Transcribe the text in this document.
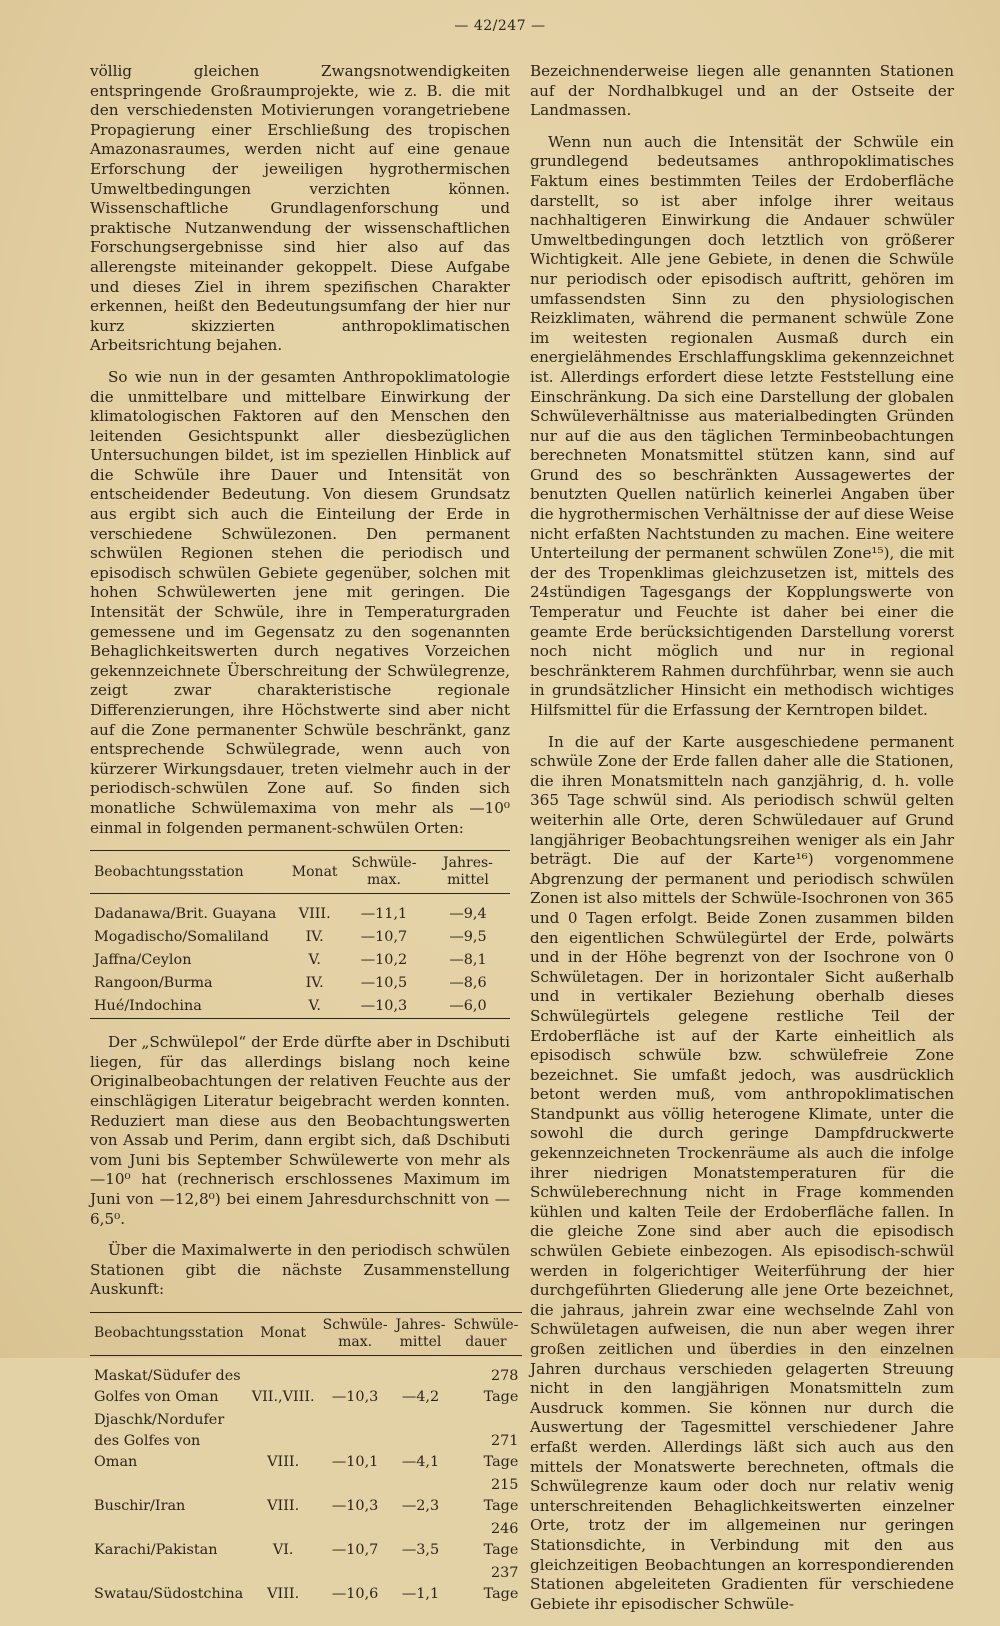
— 42/247 —

völlig gleichen Zwangsnotwendigkeiten entspringende Großraumprojekte, wie z. B. die mit den verschiedensten Motivierungen vorangetriebene Propagierung einer Erschließung des tropischen Amazonasraumes, werden nicht auf eine genaue Erforschung der jeweiligen hygrothermischen Umweltbedingungen verzichten können. Wissenschaftliche Grundlagenforschung und praktische Nutzanwendung der wissenschaftlichen Forschungsergebnisse sind hier also auf das allerengste miteinander gekoppelt. Diese Aufgabe und dieses Ziel in ihrem spezifischen Charakter erkennen, heißt den Bedeutungsumfang der hier nur kurz skizzierten anthropoklimatischen Arbeitsrichtung bejahen.

So wie nun in der gesamten Anthropoklimatologie die unmittelbare und mittelbare Einwirkung der klimatologischen Faktoren auf den Menschen den leitenden Gesichtspunkt aller diesbezüglichen Untersuchungen bildet, ist im speziellen Hinblick auf die Schwüle ihre Dauer und Intensität von entscheidender Bedeutung. Von diesem Grundsatz aus ergibt sich auch die Einteilung der Erde in verschiedene Schwülezonen. Den permanent schwülen Regionen stehen die periodisch und episodisch schwülen Gebiete gegenüber, solchen mit hohen Schwülewerten jene mit geringen. Die Intensität der Schwüle, ihre in Temperaturgraden gemessene und im Gegensatz zu den sogenannten Behaglichkeitswerten durch negatives Vorzeichen gekennzeichnete Überschreitung der Schwülegrenze, zeigt zwar charakteristische regionale Differenzierungen, ihre Höchstwerte sind aber nicht auf die Zone permanenter Schwüle beschränkt, ganz entsprechende Schwülegrade, wenn auch von kürzerer Wirkungsdauer, treten vielmehr auch in der periodisch-schwülen Zone auf. So finden sich monatliche Schwülemaxima von mehr als —10⁰ einmal in folgenden permanent-schwülen Orten:

Beobachtungsstation	Monat	Schwüle-max.	Jahres-mittel
Dadanawa/Brit. Guayana	VIII.	—11,1	—9,4
Mogadischo/Somaliland	IV.	—10,7	—9,5
Jaffna/Ceylon	V.	—10,2	—8,1
Rangoon/Burma	IV.	—10,5	—8,6
Hué/Indochina	V.	—10,3	—6,0

Der „Schwülepol“ der Erde dürfte aber in Dschibuti liegen, für das allerdings bislang noch keine Originalbeobachtungen der relativen Feuchte aus der einschlägigen Literatur beigebracht werden konnten. Reduziert man diese aus den Beobachtungswerten von Assab und Perim, dann ergibt sich, daß Dschibuti vom Juni bis September Schwülewerte von mehr als —10⁰ hat (rechnerisch erschlossenes Maximum im Juni von —12,8⁰) bei einem Jahresdurchschnitt von —6,5⁰.

Über die Maximalwerte in den periodisch schwülen Stationen gibt die nächste Zusammenstellung Auskunft:

Beobachtungsstation	Monat	Schwüle-max.	Jahres-mittel	Schwüle-dauer
Maskat/Südufer des Golfes von Oman	VII.,VIII.	—10,3	—4,2	278 Tage
Djaschk/Nordufer des Golfes von Oman	VIII.	—10,1	—4,1	271 Tage
Buschir/Iran	VIII.	—10,3	—2,3	215 Tage
Karachi/Pakistan	VI.	—10,7	—3,5	246 Tage
Swatau/Südostchina	VIII.	—10,6	—1,1	237 Tage

Bezeichnenderweise liegen alle genannten Stationen auf der Nordhalbkugel und an der Ostseite der Landmassen.

Wenn nun auch die Intensität der Schwüle ein grundlegend bedeutsames anthropoklimatisches Faktum eines bestimmten Teiles der Erdoberfläche darstellt, so ist aber infolge ihrer weitaus nachhaltigeren Einwirkung die Andauer schwüler Umweltbedingungen doch letztlich von größerer Wichtigkeit. Alle jene Gebiete, in denen die Schwüle nur periodisch oder episodisch auftritt, gehören im umfassendsten Sinn zu den physiologischen Reizklimaten, während die permanent schwüle Zone im weitesten regionalen Ausmaß durch ein energielähmendes Erschlaffungsklima gekennzeichnet ist. Allerdings erfordert diese letzte Feststellung eine Einschränkung. Da sich eine Darstellung der globalen Schwüleverhältnisse aus materialbedingten Gründen nur auf die aus den täglichen Terminbeobachtungen berechneten Monatsmittel stützen kann, sind auf Grund des so beschränkten Aussagewertes der benutzten Quellen natürlich keinerlei Angaben über die hygrothermischen Verhältnisse der auf diese Weise nicht erfaßten Nachtstunden zu machen. Eine weitere Unterteilung der permanent schwülen Zone¹⁵), die mit der des Tropenklimas gleichzusetzen ist, mittels des 24stündigen Tagesgangs der Kopplungswerte von Temperatur und Feuchte ist daher bei einer die geamte Erde berücksichtigenden Darstellung vorerst noch nicht möglich und nur in regional beschränkterem Rahmen durchführbar, wenn sie auch in grundsätzlicher Hinsicht ein methodisch wichtiges Hilfsmittel für die Erfassung der Kerntropen bildet.

In die auf der Karte ausgeschiedene permanent schwüle Zone der Erde fallen daher alle die Stationen, die ihren Monatsmitteln nach ganzjährig, d. h. volle 365 Tage schwül sind. Als periodisch schwül gelten weiterhin alle Orte, deren Schwüledauer auf Grund langjähriger Beobachtungsreihen weniger als ein Jahr beträgt. Die auf der Karte¹⁶) vorgenommene Abgrenzung der permanent und periodisch schwülen Zonen ist also mittels der Schwüle-Isochronen von 365 und 0 Tagen erfolgt. Beide Zonen zusammen bilden den eigentlichen Schwülegürtel der Erde, polwärts und in der Höhe begrenzt von der Isochrone von 0 Schwületagen. Der in horizontaler Sicht außerhalb und in vertikaler Beziehung oberhalb dieses Schwülegürtels gelegene restliche Teil der Erdoberfläche ist auf der Karte einheitlich als episodisch schwüle bzw. schwülefreie Zone bezeichnet. Sie umfaßt jedoch, was ausdrücklich betont werden muß, vom anthropoklimatischen Standpunkt aus völlig heterogene Klimate, unter die sowohl die durch geringe Dampfdruckwerte gekennzeichneten Trockenräume als auch die infolge ihrer niedrigen Monatstemperaturen für die Schwüleberechnung nicht in Frage kommenden kühlen und kalten Teile der Erdoberfläche fallen. In die gleiche Zone sind aber auch die episodisch schwülen Gebiete einbezogen. Als episodisch-schwül werden in folgerichtiger Weiterführung der hier durchgeführten Gliederung alle jene Orte bezeichnet, die jahraus, jahrein zwar eine wechselnde Zahl von Schwületagen aufweisen, die nun aber wegen ihrer großen zeitlichen und überdies in den einzelnen Jahren durchaus verschieden gelagerten Streuung nicht in den langjährigen Monatsmitteln zum Ausdruck kommen. Sie können nur durch die Auswertung der Tagesmittel verschiedener Jahre erfaßt werden. Allerdings läßt sich auch aus den mittels der Monatswerte berechneten, oftmals die Schwülegrenze kaum oder doch nur relativ wenig unterschreitenden Behaglichkeitswerten einzelner Orte, trotz der im allgemeinen nur geringen Stationsdichte, in Verbindung mit den aus gleichzeitigen Beobachtungen an korrespondierenden Stationen abgeleiteten Gradienten für verschiedene Gebiete ihr episodischer Schwüle-
